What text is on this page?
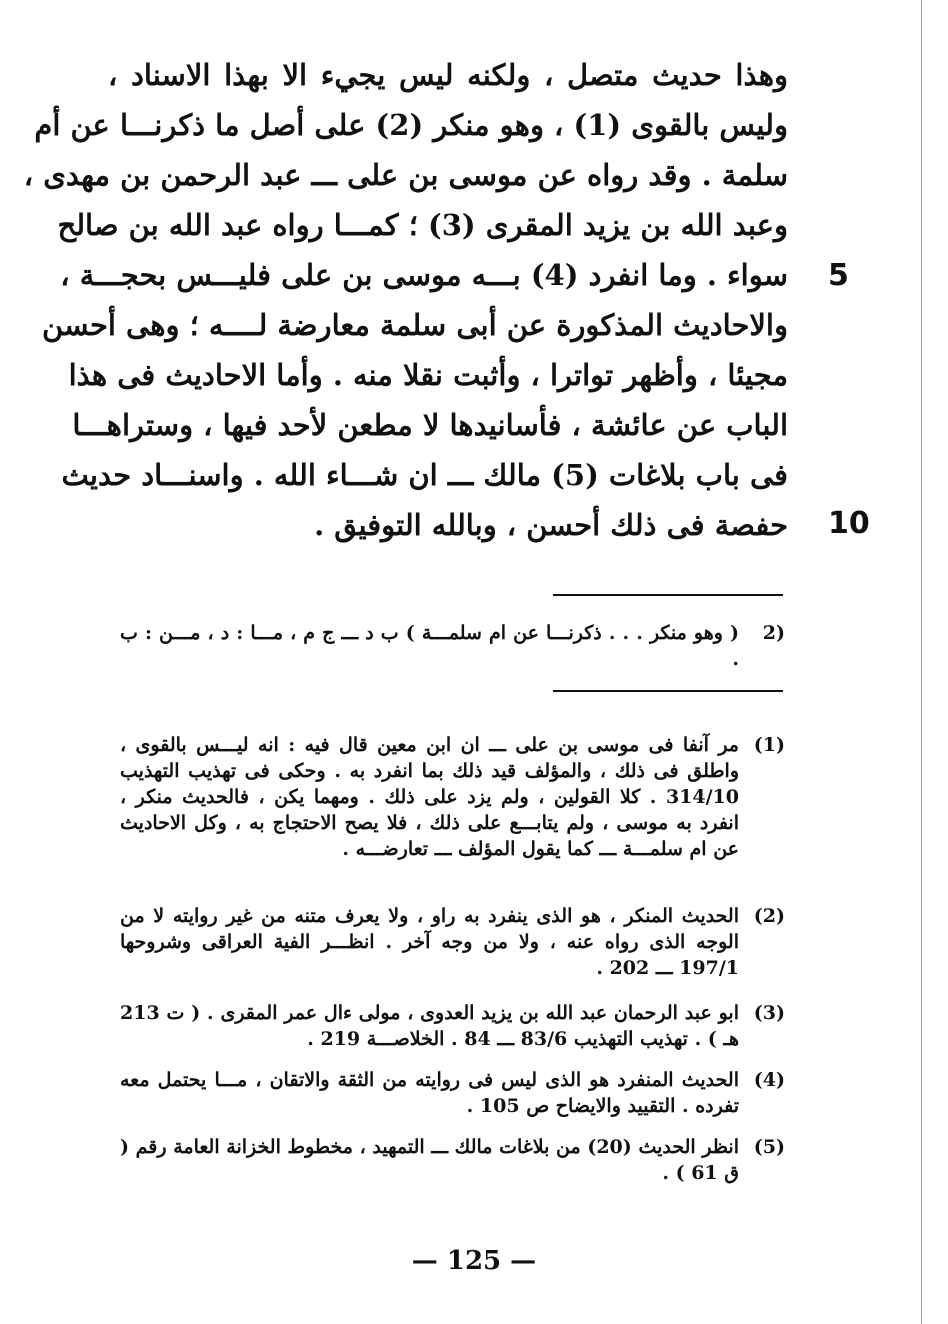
وهذا حديث متصل ، ولكنه ليس يجيء الا بهذا الاسناد ،
وليس بالقوى (1) ، وهو منكر (2) على أصل ما ذكرنـــا عن أم
سلمة . وقد رواه عن موسى بن على ـــ عبد الرحمن بن مهدى ،
وعبد الله بن يزيد المقرى (3) ؛ كمـــا رواه عبد الله بن صالح
سواء . وما انفرد (4) بـــه موسى بن على فليـــس بحجـــة ،
والاحاديث المذكورة عن أبى سلمة معارضة لــــه ؛ وهى أحسن
مجيئا ، وأظهر تواترا ، وأثبت نقلا منه . وأما الاحاديث فى هذا
الباب عن عائشة ، فأسانيدها لا مطعن لأحد فيها ، وستراهـــا
فى باب بلاغات (5) مالك ـــ ان شـــاء الله . واسنـــاد حديث
حفصة فى ذلك أحسن ، وبالله التوفيق .
5
10
(2
( وهو منكر . . . ذكرنـــا عن ام سلمـــة ) ب د ـــ ج م ، مـــا : د ، مـــن : ب .
(1)
مر آنفا فى موسى بن على ـــ ان ابن معين قال فيه : انه ليـــس بالقوى ، واطلق فى ذلك ، والمؤلف قيد ذلك بما انفرد به . وحكى فى تهذيب التهذيب 314/10 . كلا القولين ، ولم يزد على ذلك . ومهما يكن ، فالحديث منكر ، انفرد به موسى ، ولم يتابـــع على ذلك ، فلا يصح الاحتجاج به ، وكل الاحاديث عن ام سلمـــة ـــ كما يقول المؤلف ـــ تعارضـــه .
(2)
الحديث المنكر ، هو الذى ينفرد به راو ، ولا يعرف متنه من غير روايته لا من الوجه الذى رواه عنه ، ولا من وجه آخر . انظـــر الفية العراقى وشروحها 197/1 ـــ 202 .
(3)
ابو عبد الرحمان عبد الله بن يزيد العدوى ، مولى ءال عمر المقرى . ( ت 213 هـ ) . تهذيب التهذيب 83/6 ـــ 84 . الخلاصـــة 219 .
(4)
الحديث المنفرد هو الذى ليس فى روايته من الثقة والاتقان ، مـــا يحتمل معه تفرده . التقييد والايضاح ص 105 .
(5)
انظر الحديث (20) من بلاغات مالك ـــ التمهيد ، مخطوط الخزانة العامة رقم ( ق 61 ) .
— 125 —
